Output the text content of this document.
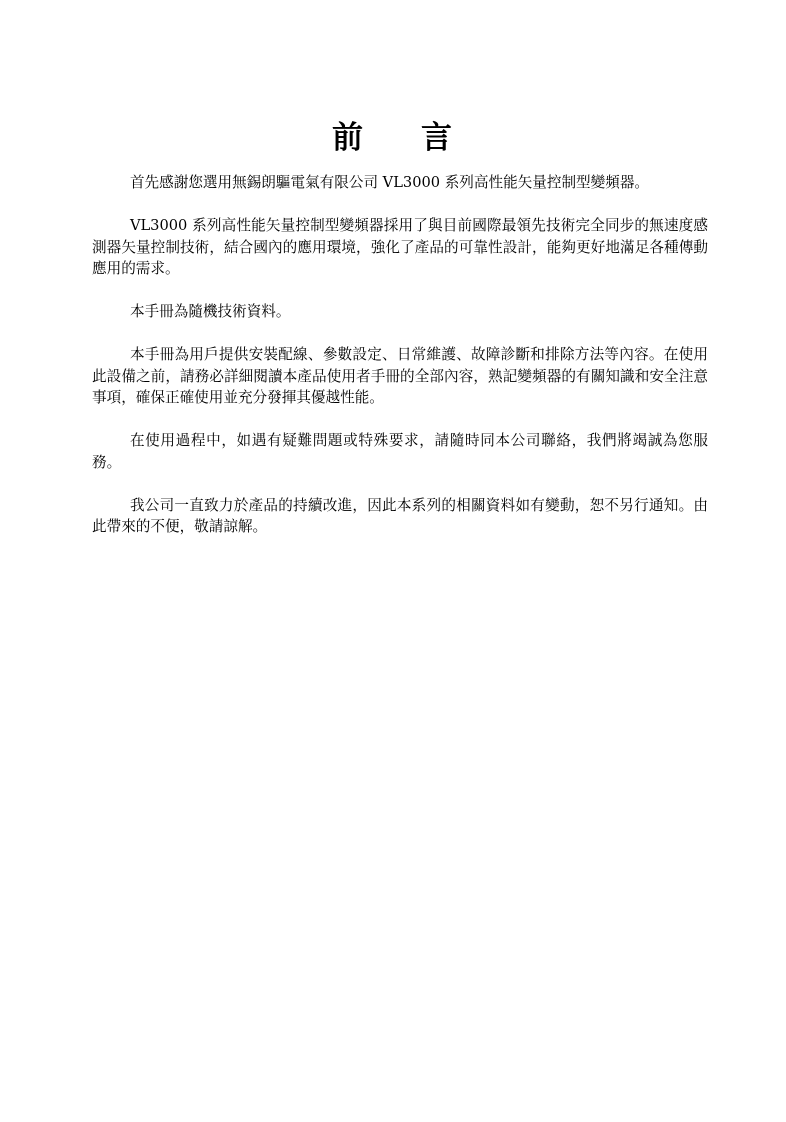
前 言

首先感謝您選用無錫朗驅電氣有限公司 VL3000 系列高性能矢量控制型變頻器。

VL3000 系列高性能矢量控制型變頻器採用了與目前國際最領先技術完全同步的無速度感測器矢量控制技術，結合國內的應用環境，強化了產品的可靠性設計，能夠更好地滿足各種傳動應用的需求。

本手冊為隨機技術資料。

本手冊為用戶提供安裝配線、參數設定、日常維護、故障診斷和排除方法等內容。在使用此設備之前，請務必詳細閱讀本產品使用者手冊的全部內容，熟記變頻器的有關知識和安全注意事項，確保正確使用並充分發揮其優越性能。

在使用過程中，如遇有疑難問題或特殊要求，請隨時同本公司聯絡，我們將竭誠為您服務。

我公司一直致力於產品的持續改進，因此本系列的相關資料如有變動，恕不另行通知。由此帶來的不便，敬請諒解。
